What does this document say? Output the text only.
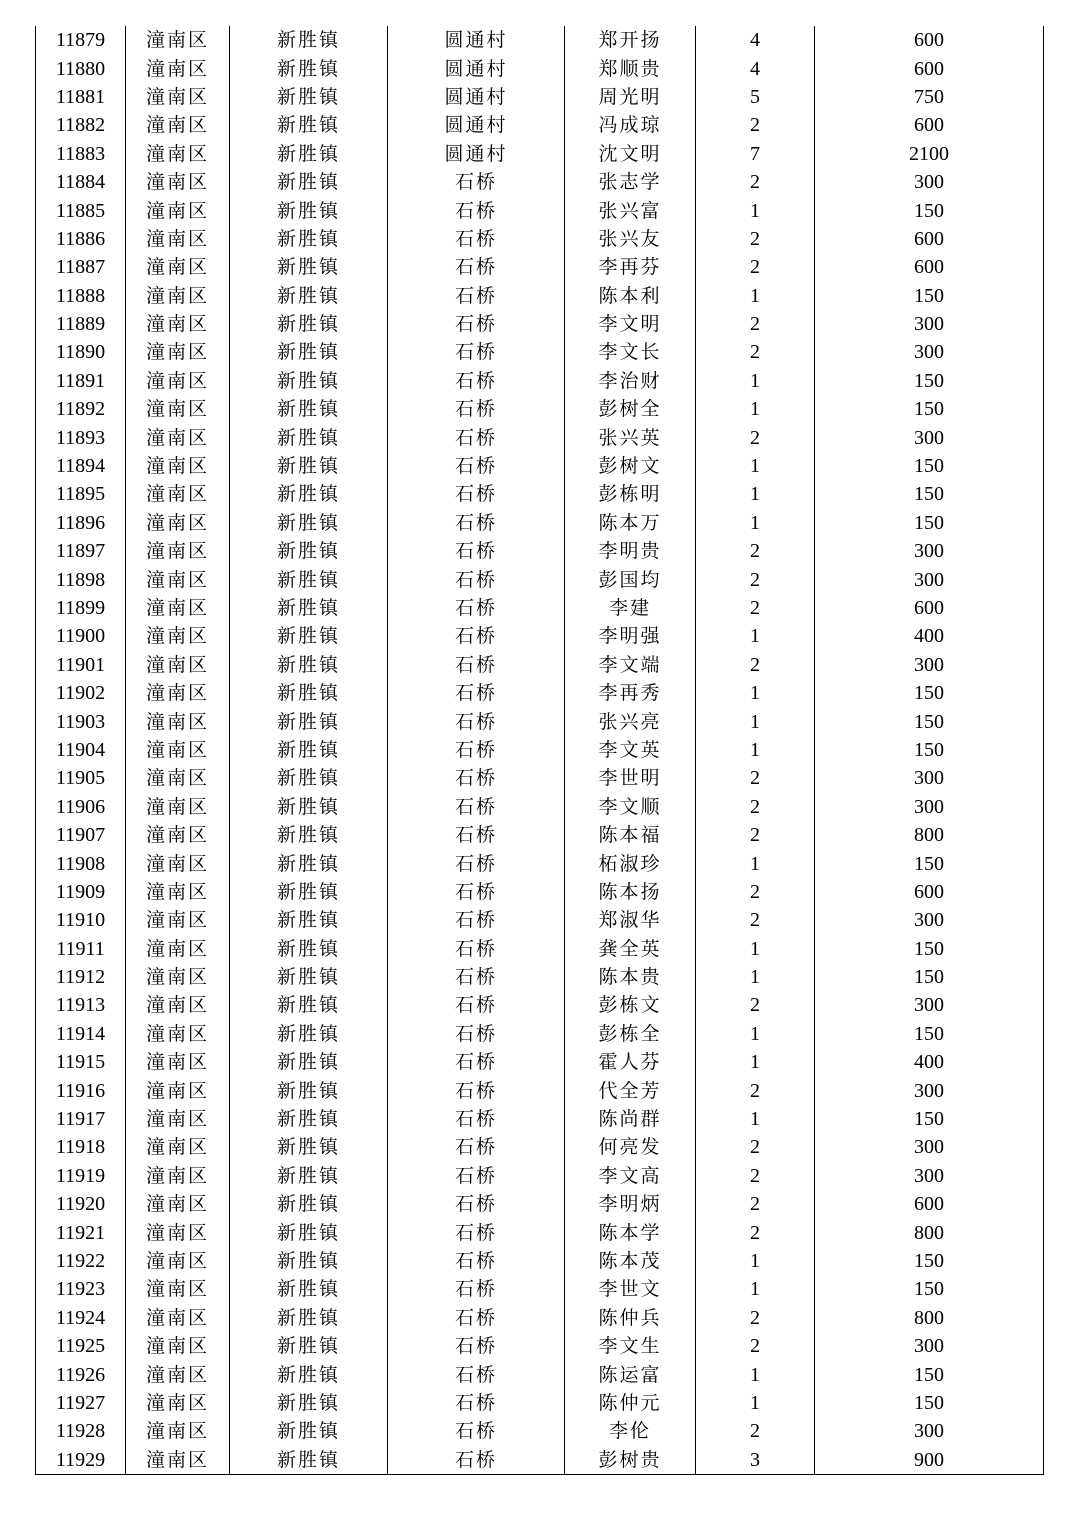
11879	潼南区	新胜镇	圆通村	郑开扬	4	600
11880	潼南区	新胜镇	圆通村	郑顺贵	4	600
11881	潼南区	新胜镇	圆通村	周光明	5	750
11882	潼南区	新胜镇	圆通村	冯成琼	2	600
11883	潼南区	新胜镇	圆通村	沈文明	7	2100
11884	潼南区	新胜镇	石桥	张志学	2	300
11885	潼南区	新胜镇	石桥	张兴富	1	150
11886	潼南区	新胜镇	石桥	张兴友	2	600
11887	潼南区	新胜镇	石桥	李再芬	2	600
11888	潼南区	新胜镇	石桥	陈本利	1	150
11889	潼南区	新胜镇	石桥	李文明	2	300
11890	潼南区	新胜镇	石桥	李文长	2	300
11891	潼南区	新胜镇	石桥	李治财	1	150
11892	潼南区	新胜镇	石桥	彭树全	1	150
11893	潼南区	新胜镇	石桥	张兴英	2	300
11894	潼南区	新胜镇	石桥	彭树文	1	150
11895	潼南区	新胜镇	石桥	彭栋明	1	150
11896	潼南区	新胜镇	石桥	陈本万	1	150
11897	潼南区	新胜镇	石桥	李明贵	2	300
11898	潼南区	新胜镇	石桥	彭国均	2	300
11899	潼南区	新胜镇	石桥	李建	2	600
11900	潼南区	新胜镇	石桥	李明强	1	400
11901	潼南区	新胜镇	石桥	李文端	2	300
11902	潼南区	新胜镇	石桥	李再秀	1	150
11903	潼南区	新胜镇	石桥	张兴亮	1	150
11904	潼南区	新胜镇	石桥	李文英	1	150
11905	潼南区	新胜镇	石桥	李世明	2	300
11906	潼南区	新胜镇	石桥	李文顺	2	300
11907	潼南区	新胜镇	石桥	陈本福	2	800
11908	潼南区	新胜镇	石桥	柘淑珍	1	150
11909	潼南区	新胜镇	石桥	陈本扬	2	600
11910	潼南区	新胜镇	石桥	郑淑华	2	300
11911	潼南区	新胜镇	石桥	龚全英	1	150
11912	潼南区	新胜镇	石桥	陈本贵	1	150
11913	潼南区	新胜镇	石桥	彭栋文	2	300
11914	潼南区	新胜镇	石桥	彭栋全	1	150
11915	潼南区	新胜镇	石桥	霍人芬	1	400
11916	潼南区	新胜镇	石桥	代全芳	2	300
11917	潼南区	新胜镇	石桥	陈尚群	1	150
11918	潼南区	新胜镇	石桥	何亮发	2	300
11919	潼南区	新胜镇	石桥	李文高	2	300
11920	潼南区	新胜镇	石桥	李明炳	2	600
11921	潼南区	新胜镇	石桥	陈本学	2	800
11922	潼南区	新胜镇	石桥	陈本茂	1	150
11923	潼南区	新胜镇	石桥	李世文	1	150
11924	潼南区	新胜镇	石桥	陈仲兵	2	800
11925	潼南区	新胜镇	石桥	李文生	2	300
11926	潼南区	新胜镇	石桥	陈运富	1	150
11927	潼南区	新胜镇	石桥	陈仲元	1	150
11928	潼南区	新胜镇	石桥	李伦	2	300
11929	潼南区	新胜镇	石桥	彭树贵	3	900
